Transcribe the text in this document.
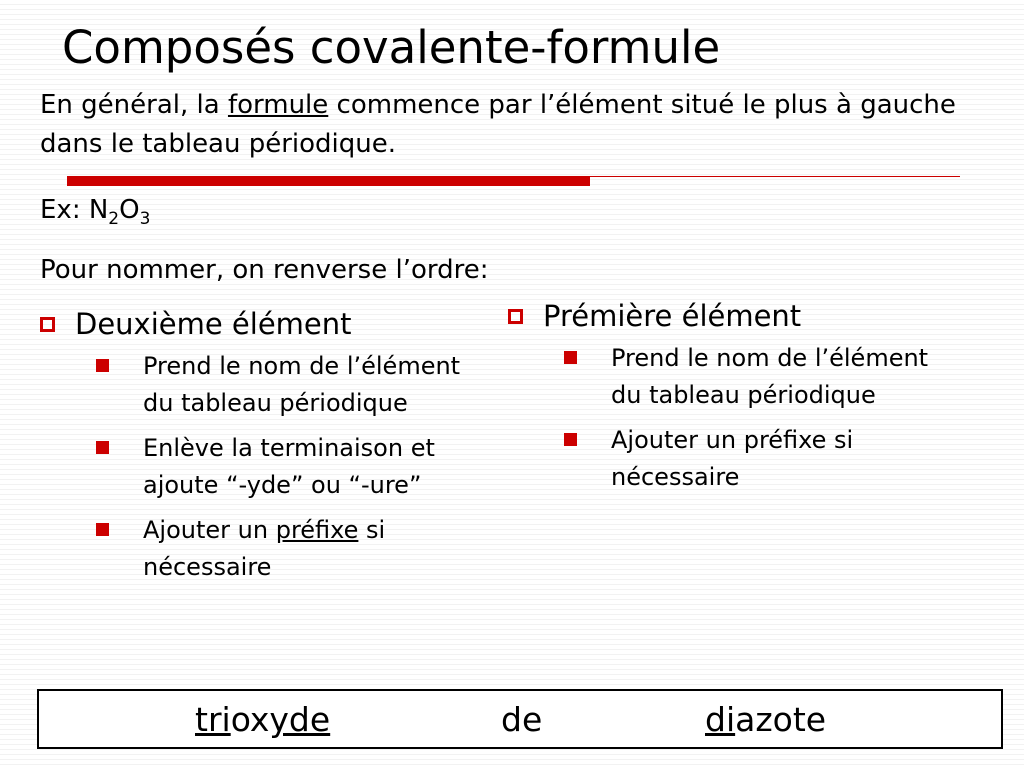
Composés covalente-formule
En général, la formule commence par l’élément situé le plus à gauche dans le tableau périodique.
Ex: $N_2O_3$
Pour nommer, on renverse l’ordre:
Deuxième élément
Prend le nom de l’élément du tableau périodique
Enlève la terminaison et ajoute “-yde” ou “-ure”
Ajouter un préfixe si nécessaire
Prémière élément
Prend le nom de l’élément du tableau périodique
Ajouter un préfixe si nécessaire
trioxyde	de	diazote
